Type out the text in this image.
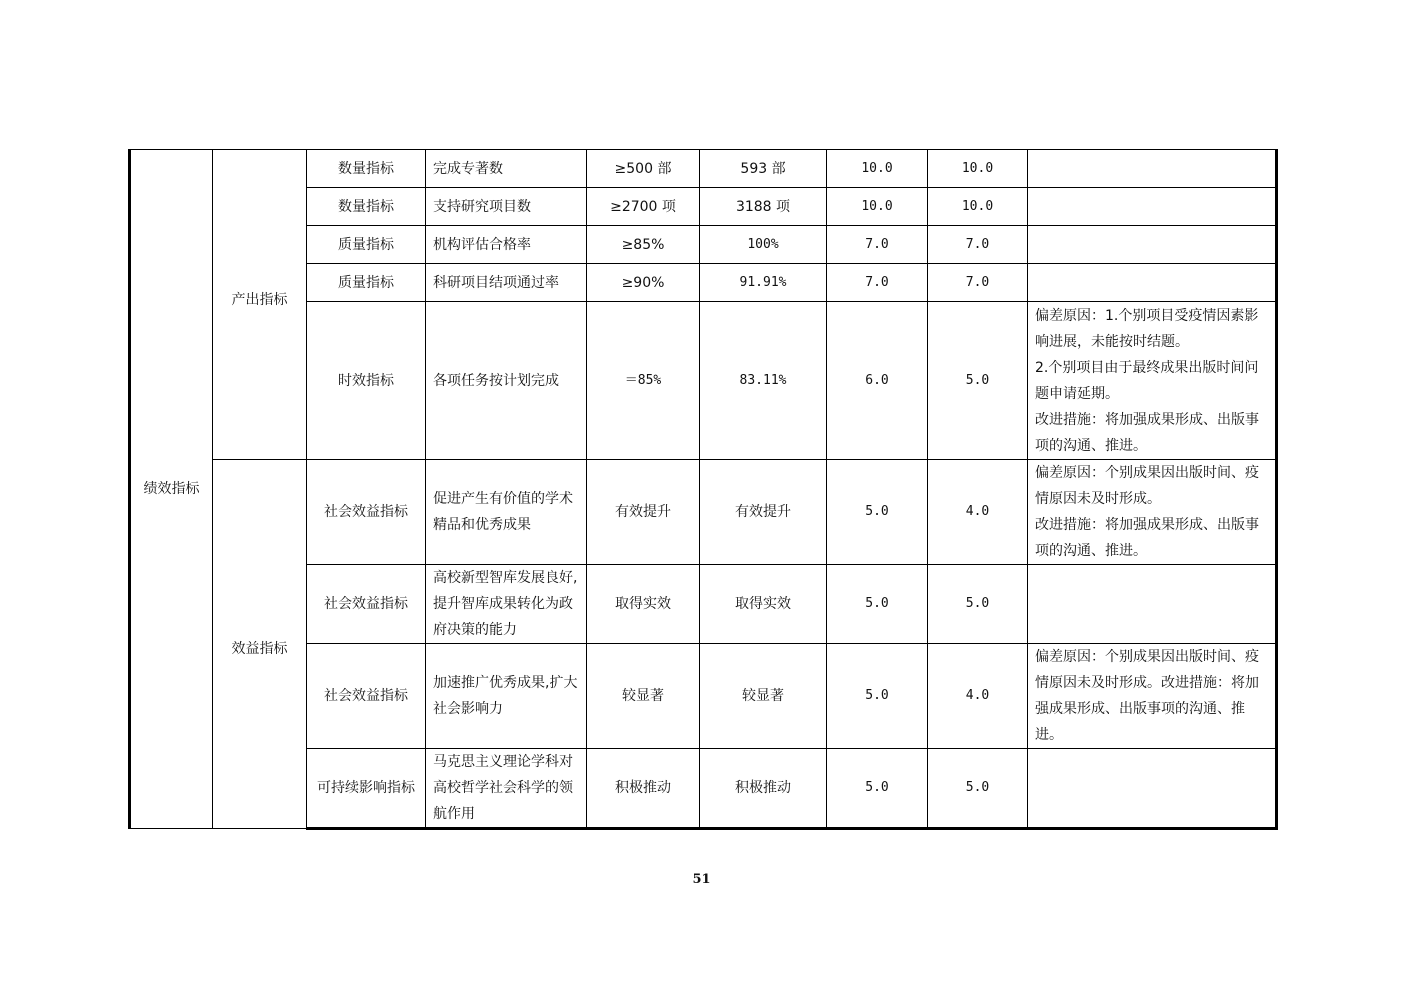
绩效指标	产出指标	数量指标	完成专著数	≥500 部	593 部	10.0	10.0	
		数量指标	支持研究项目数	≥2700 项	3188 项	10.0	10.0	
		质量指标	机构评估合格率	≥85%	100%	7.0	7.0	
		质量指标	科研项目结项通过率	≥90%	91.91%	7.0	7.0	
		时效指标	各项任务按计划完成	＝85%	83.11%	6.0	5.0	偏差原因：1.个别项目受疫情因素影响进展，未能按时结题。
2.个别项目由于最终成果出版时间问题申请延期。
改进措施：将加强成果形成、出版事项的沟通、推进。

	效益指标	社会效益指标	促进产生有价值的学术精品和优秀成果	有效提升	有效提升	5.0	4.0	偏差原因：个别成果因出版时间、疫情原因未及时形成。
改进措施：将加强成果形成、出版事项的沟通、推进。

		社会效益指标	高校新型智库发展良好,提升智库成果转化为政府决策的能力	取得实效	取得实效	5.0	5.0	
		社会效益指标	加速推广优秀成果,扩大社会影响力	较显著	较显著	5.0	4.0	偏差原因：个别成果因出版时间、疫情原因未及时形成。改进措施：将加强成果形成、出版事项的沟通、推进。

		可持续影响指标	马克思主义理论学科对高校哲学社会科学的领航作用	积极推动	积极推动	5.0	5.0	
51
